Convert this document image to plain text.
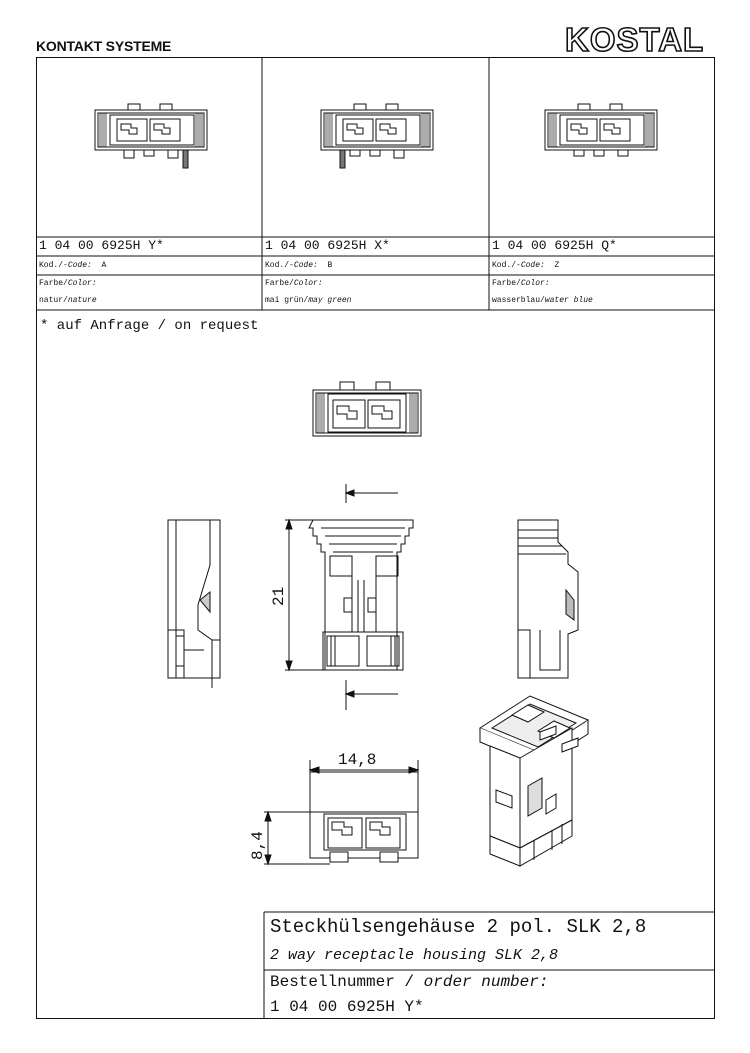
KONTAKT SYSTEME	KOSTAL
21
14,8
8,4
1 04 00 6925H Y*	1 04 00 6925H X*	1 04 00 6925H Q*
Kod./-Code: A	Kod./-Code: B	Kod./-Code: Z
Farbe/Color:	Farbe/Color:	Farbe/Color:
natur/nature	mai grün/may green	wasserblau/water blue
* auf Anfrage / on request
Steckhülsengehäuse 2 pol. SLK 2,8
2 way receptacle housing SLK 2,8
Bestellnummer / order number:
1 04 00 6925H Y*
